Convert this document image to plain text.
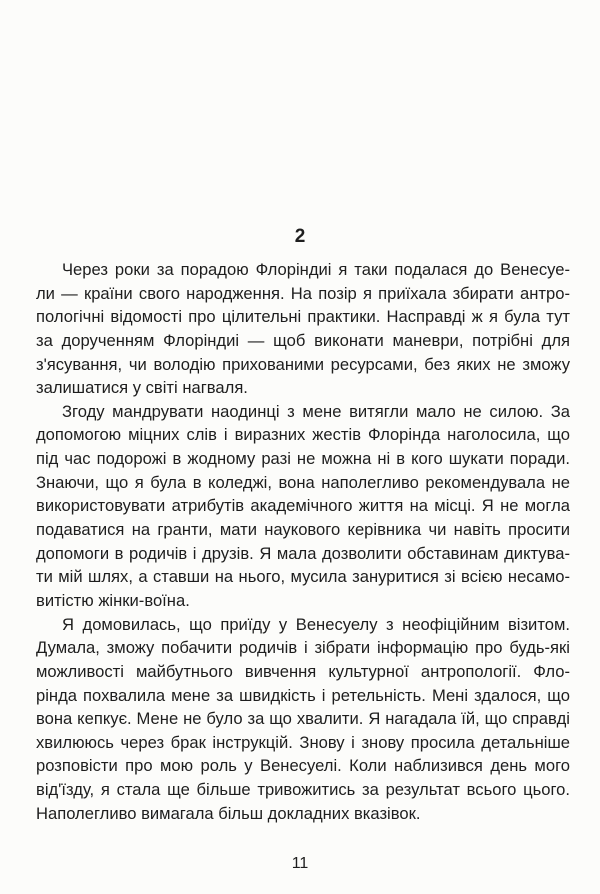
2
Через роки за порадою Флоріндиi я таки подалася до Венесуе-
ли — країни свого народження. На позір я приїхала збирати антро-
пологічні відомості про цілительні практики. Насправді ж я була тут
за дорученням Флоріндиi — щоб виконати маневри, потрібні для
з'ясування, чи володію прихованими ресурсами, без яких не зможу
залишатися у світі нагваля.
Згоду мандрувати наодинці з мене витягли мало не силою. За
допомогою міцних слів і виразних жестів Флорінда наголосила, що
під час подорожі в жодному разі не можна ні в кого шукати поради.
Знаючи, що я була в коледжі, вона наполегливо рекомендувала не
використовувати атрибутів академічного життя на місці. Я не могла
подаватися на гранти, мати наукового керівника чи навіть просити
допомоги в родичів і друзів. Я мала дозволити обставинам диктува-
ти мій шлях, а ставши на нього, мусила зануритися зі всією несамо-
витістю жінки-воїна.
Я домовилась, що приїду у Венесуелу з неофіційним візитом.
Думала, зможу побачити родичів і зібрати інформацію про будь-які
можливості майбутнього вивчення культурної антропології. Фло-
рінда похвалила мене за швидкість і ретельність. Мені здалося, що
вона кепкує. Мене не було за що хвалити. Я нагадала їй, що справді
хвилююсь через брак інструкцій. Знову і знову просила детальніше
розповісти про мою роль у Венесуелі. Коли наблизився день мого
від'їзду, я стала ще більше тривожитись за результат всього цього.
Наполегливо вимагала більш докладних вказівок.
11
